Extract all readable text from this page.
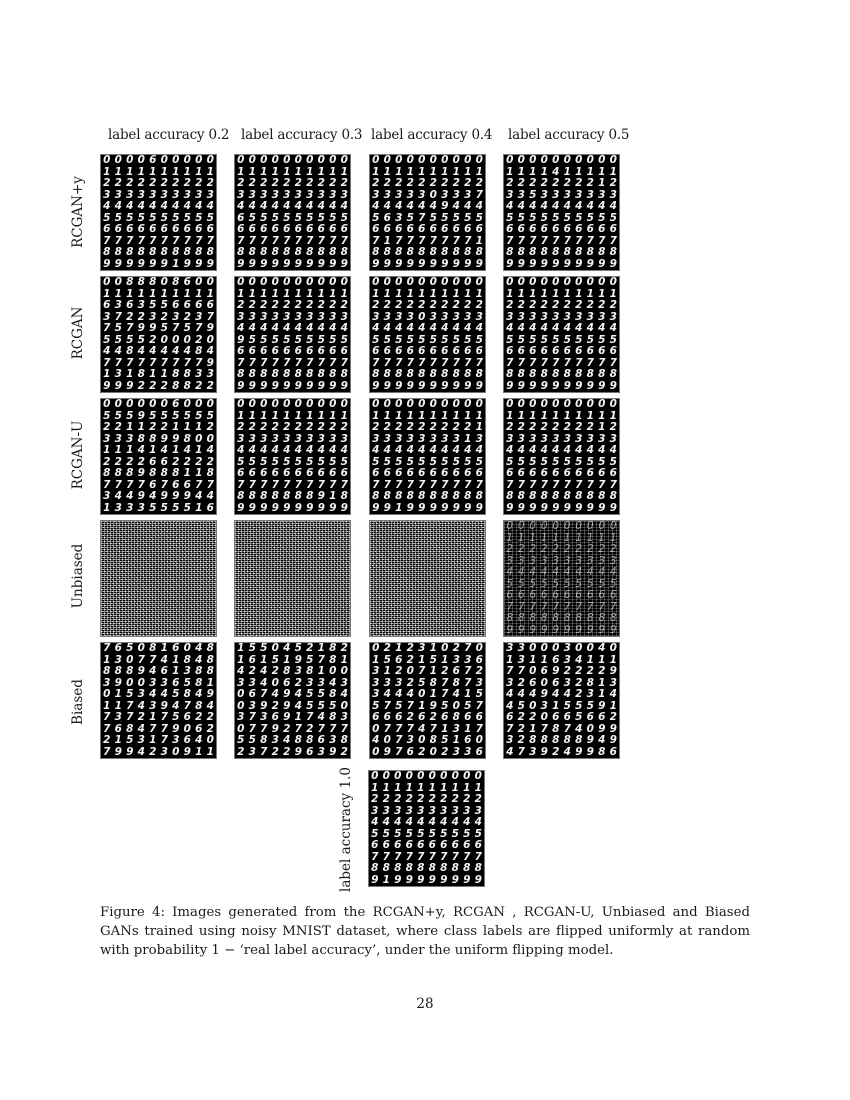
label accuracy 0.2 label accuracy 0.3 label accuracy 0.4 label accuracy 0.5
RCGAN+y
RCGAN
RCGAN-U
Unbiased
Biased
0 0 0 0 6 0 0 0 0 0
1 1 1 1 1 1 1 1 1 1
2 2 2 2 2 2 2 2 2 2
3 3 3 3 3 3 3 3 3 3
4 4 4 4 4 4 4 4 4 4
5 5 5 5 5 5 5 5 5 5
6 6 6 6 6 6 6 6 6 6
7 7 7 7 7 7 7 7 7 7
8 8 8 8 8 8 8 8 8 8
9 9 9 9 9 9 1 9 9 9
0 0 0 0 0 0 0 0 0 0
1 1 1 1 1 1 1 1 1 1
2 2 2 2 2 2 2 2 2 2
3 3 3 3 3 3 3 3 3 3
4 4 4 4 4 4 4 4 4 4
6 5 5 5 5 5 5 5 5 5
6 6 6 6 6 6 6 6 6 6
7 7 7 7 7 7 7 7 7 7
8 8 8 8 8 8 8 8 8 8
9 9 9 9 9 9 9 9 9 9
0 0 0 0 0 0 0 0 0 0
1 1 1 1 1 1 1 1 1 1
2 2 2 2 2 2 2 2 2 2
3 3 3 3 3 0 3 3 3 7
4 4 4 4 4 4 9 4 4 4
5 6 3 5 7 5 5 5 5 5
6 6 6 6 6 6 6 6 6 6
7 1 7 7 7 7 7 7 7 1
8 8 8 8 8 8 8 8 8 8
9 9 9 9 9 9 9 9 9 9
0 0 0 0 0 0 0 0 0 0
1 1 1 1 4 1 1 1 1 1
2 2 2 2 2 2 2 2 1 2
3 3 5 3 3 3 3 3 3 3
4 4 4 4 4 4 4 4 4 4
5 5 5 5 5 5 5 5 5 5
6 6 6 6 6 6 6 6 6 6
7 7 7 7 7 7 7 7 7 7
8 8 8 8 8 8 8 8 8 8
9 9 9 9 9 9 9 9 9 9
0 0 8 8 8 0 8 6 0 0
1 1 1 1 1 1 1 1 1 1
6 3 6 3 5 5 6 6 6 6
3 7 2 2 3 2 3 2 3 7
7 5 7 9 9 5 7 5 7 9
5 5 5 5 2 0 0 0 2 0
4 4 8 4 4 4 4 4 8 4
7 7 7 7 7 7 7 7 7 9
1 3 1 8 1 1 8 8 3 3
9 9 9 2 2 2 8 8 2 2
0 0 0 0 0 0 0 0 0 0
1 1 1 1 1 1 1 1 1 1
2 2 2 2 2 2 2 2 2 2
3 3 3 3 3 3 3 3 3 3
4 4 4 4 4 4 4 4 4 4
9 5 5 5 5 5 5 5 5 5
6 6 6 6 6 6 6 6 6 6
7 7 7 7 7 7 7 7 7 7
8 8 8 8 8 8 8 8 8 8
9 9 9 9 9 9 9 9 9 9
0 0 0 0 0 0 0 0 0 0
1 1 1 1 1 1 1 1 1 1
2 2 2 2 2 2 2 2 2 2
3 3 3 3 0 3 3 3 3 3
4 4 4 4 4 4 4 4 4 4
5 5 5 5 5 5 5 5 5 5
6 6 6 6 6 6 6 6 6 6
7 7 7 7 7 7 7 7 7 7
8 8 8 8 8 8 8 8 8 8
9 9 9 9 9 9 9 9 9 9
0 0 0 0 0 0 0 0 0 0
1 1 1 1 1 1 1 1 1 1
2 2 2 2 2 2 2 2 2 2
3 3 3 3 3 3 3 3 3 3
4 4 4 4 4 4 4 4 4 4
5 5 5 5 5 5 5 5 5 5
6 6 6 6 6 6 6 6 6 6
7 7 7 7 7 7 7 7 7 7
8 8 8 8 8 8 8 8 8 8
9 9 9 9 9 9 9 9 9 9
0 0 0 0 0 0 6 0 0 0
5 5 5 9 5 5 5 5 5 5
2 2 1 1 2 2 1 1 1 2
3 3 3 8 8 9 9 8 0 0
1 1 1 4 1 4 1 4 1 4
2 2 2 2 6 6 2 2 2 2
8 8 8 9 8 8 8 1 1 8
7 7 7 7 6 7 6 6 7 7
3 4 4 9 4 9 9 9 4 4
1 3 3 3 5 5 5 5 1 6
0 0 0 0 0 0 0 0 0 0
1 1 1 1 1 1 1 1 1 1
2 2 2 2 2 2 2 2 2 2
3 3 3 3 3 3 3 3 3 3
4 4 4 4 4 4 4 4 4 4
5 5 5 5 5 5 5 5 5 5
6 6 6 6 6 6 6 6 6 6
7 7 7 7 7 7 7 7 7 7
8 8 8 8 8 8 8 9 1 8
9 9 9 9 9 9 9 9 9 9
0 0 0 0 0 0 0 0 0 0
1 1 1 1 1 1 1 1 1 1
2 2 2 2 2 2 2 2 2 1
3 3 3 3 3 3 3 3 1 3
4 4 4 4 4 4 4 4 4 4
5 5 5 5 5 5 5 5 5 5
6 6 6 6 6 6 6 6 6 6
7 7 7 7 7 7 7 7 7 7
8 8 8 8 8 8 8 8 8 8
9 9 1 9 9 9 9 9 9 9
0 0 0 0 0 0 0 0 0 0
1 1 1 1 1 1 1 1 1 1
2 2 2 2 2 2 2 2 1 2
3 3 3 3 3 3 3 3 3 3
4 4 4 4 4 4 4 4 4 4
5 5 5 5 5 5 5 5 5 5
6 6 6 6 6 6 6 6 6 6
7 7 7 7 7 7 7 7 7 7
8 8 8 8 8 8 8 8 8 8
9 9 9 9 9 9 9 9 9 9
0 0 0 0 0 0 0 0 0 0
1 1 1 1 1 1 1 1 1 1
2 2 2 2 2 2 2 2 2 2
3 3 3 3 3 3 3 3 3 3
4 4 4 4 4 4 4 4 4 4
5 5 5 5 5 5 5 5 5 5
6 6 6 6 6 6 6 6 6 6
7 7 7 7 7 7 7 7 7 7
8 8 8 8 8 8 8 8 8 8
9 9 9 9 9 9 9 9 9 9
7 6 5 0 8 1 6 0 4 8
1 3 0 7 7 4 1 8 4 8
8 8 8 9 4 6 1 3 8 8
3 9 0 0 3 3 6 5 8 1
0 1 5 3 4 4 5 8 4 9
1 1 7 4 3 9 4 7 8 4
7 3 7 2 1 7 5 6 2 2
7 6 8 4 7 7 9 0 6 2
2 1 5 3 1 7 3 6 4 0
7 9 9 4 2 3 0 9 1 1
1 5 5 0 4 5 2 1 8 2
1 6 1 5 1 9 5 7 8 1
4 2 4 2 8 3 8 1 0 0
3 3 4 0 6 2 3 3 4 3
0 6 7 4 9 4 5 5 8 4
0 3 9 2 9 4 5 5 5 0
3 7 3 6 9 1 7 4 8 3
0 7 7 9 2 7 2 7 7 7
5 5 8 3 4 8 8 6 3 8
2 3 7 2 2 9 6 3 9 2
0 2 1 2 3 1 0 2 7 0
1 5 6 2 1 5 1 3 3 6
3 1 2 0 7 1 2 6 7 2
3 3 3 2 5 8 7 8 7 3
3 4 4 4 0 1 7 4 1 5
5 7 5 7 1 9 5 0 5 7
6 6 6 2 6 2 6 8 6 6
0 7 7 7 4 7 1 3 1 7
4 0 7 3 0 8 5 1 6 0
0 9 7 6 2 0 2 3 3 6
3 3 0 0 0 3 0 0 4 0
1 3 1 1 6 3 4 1 1 1
7 7 0 6 9 2 2 2 2 9
3 2 6 0 6 3 2 8 1 3
4 4 4 9 4 4 2 3 1 4
4 5 0 3 1 5 5 5 9 1
6 2 2 0 6 6 5 6 6 2
7 2 1 7 8 7 4 0 9 9
3 2 8 8 8 8 8 9 4 9
4 7 3 9 2 4 9 9 8 6
label accuracy 1.0 0 0 0 0 0 0 0 0 0 0
1 1 1 1 1 1 1 1 1 1
2 2 2 2 2 2 2 2 2 2
3 3 3 3 3 3 3 3 3 3
4 4 4 4 4 4 4 4 4 4
5 5 5 5 5 5 5 5 5 5
6 6 6 6 6 6 6 6 6 6
7 7 7 7 7 7 7 7 7 7
8 8 8 8 8 8 8 8 8 8
9 1 9 9 9 9 9 9 9 9
Figure 4: Images generated from the RCGAN+y, RCGAN , RCGAN-U, Unbiased and Biased GANs trained using noisy MNIST dataset, where class labels are flipped uniformly at random with probability 1 − ‘real label accuracy’, under the uniform flipping model.
28
